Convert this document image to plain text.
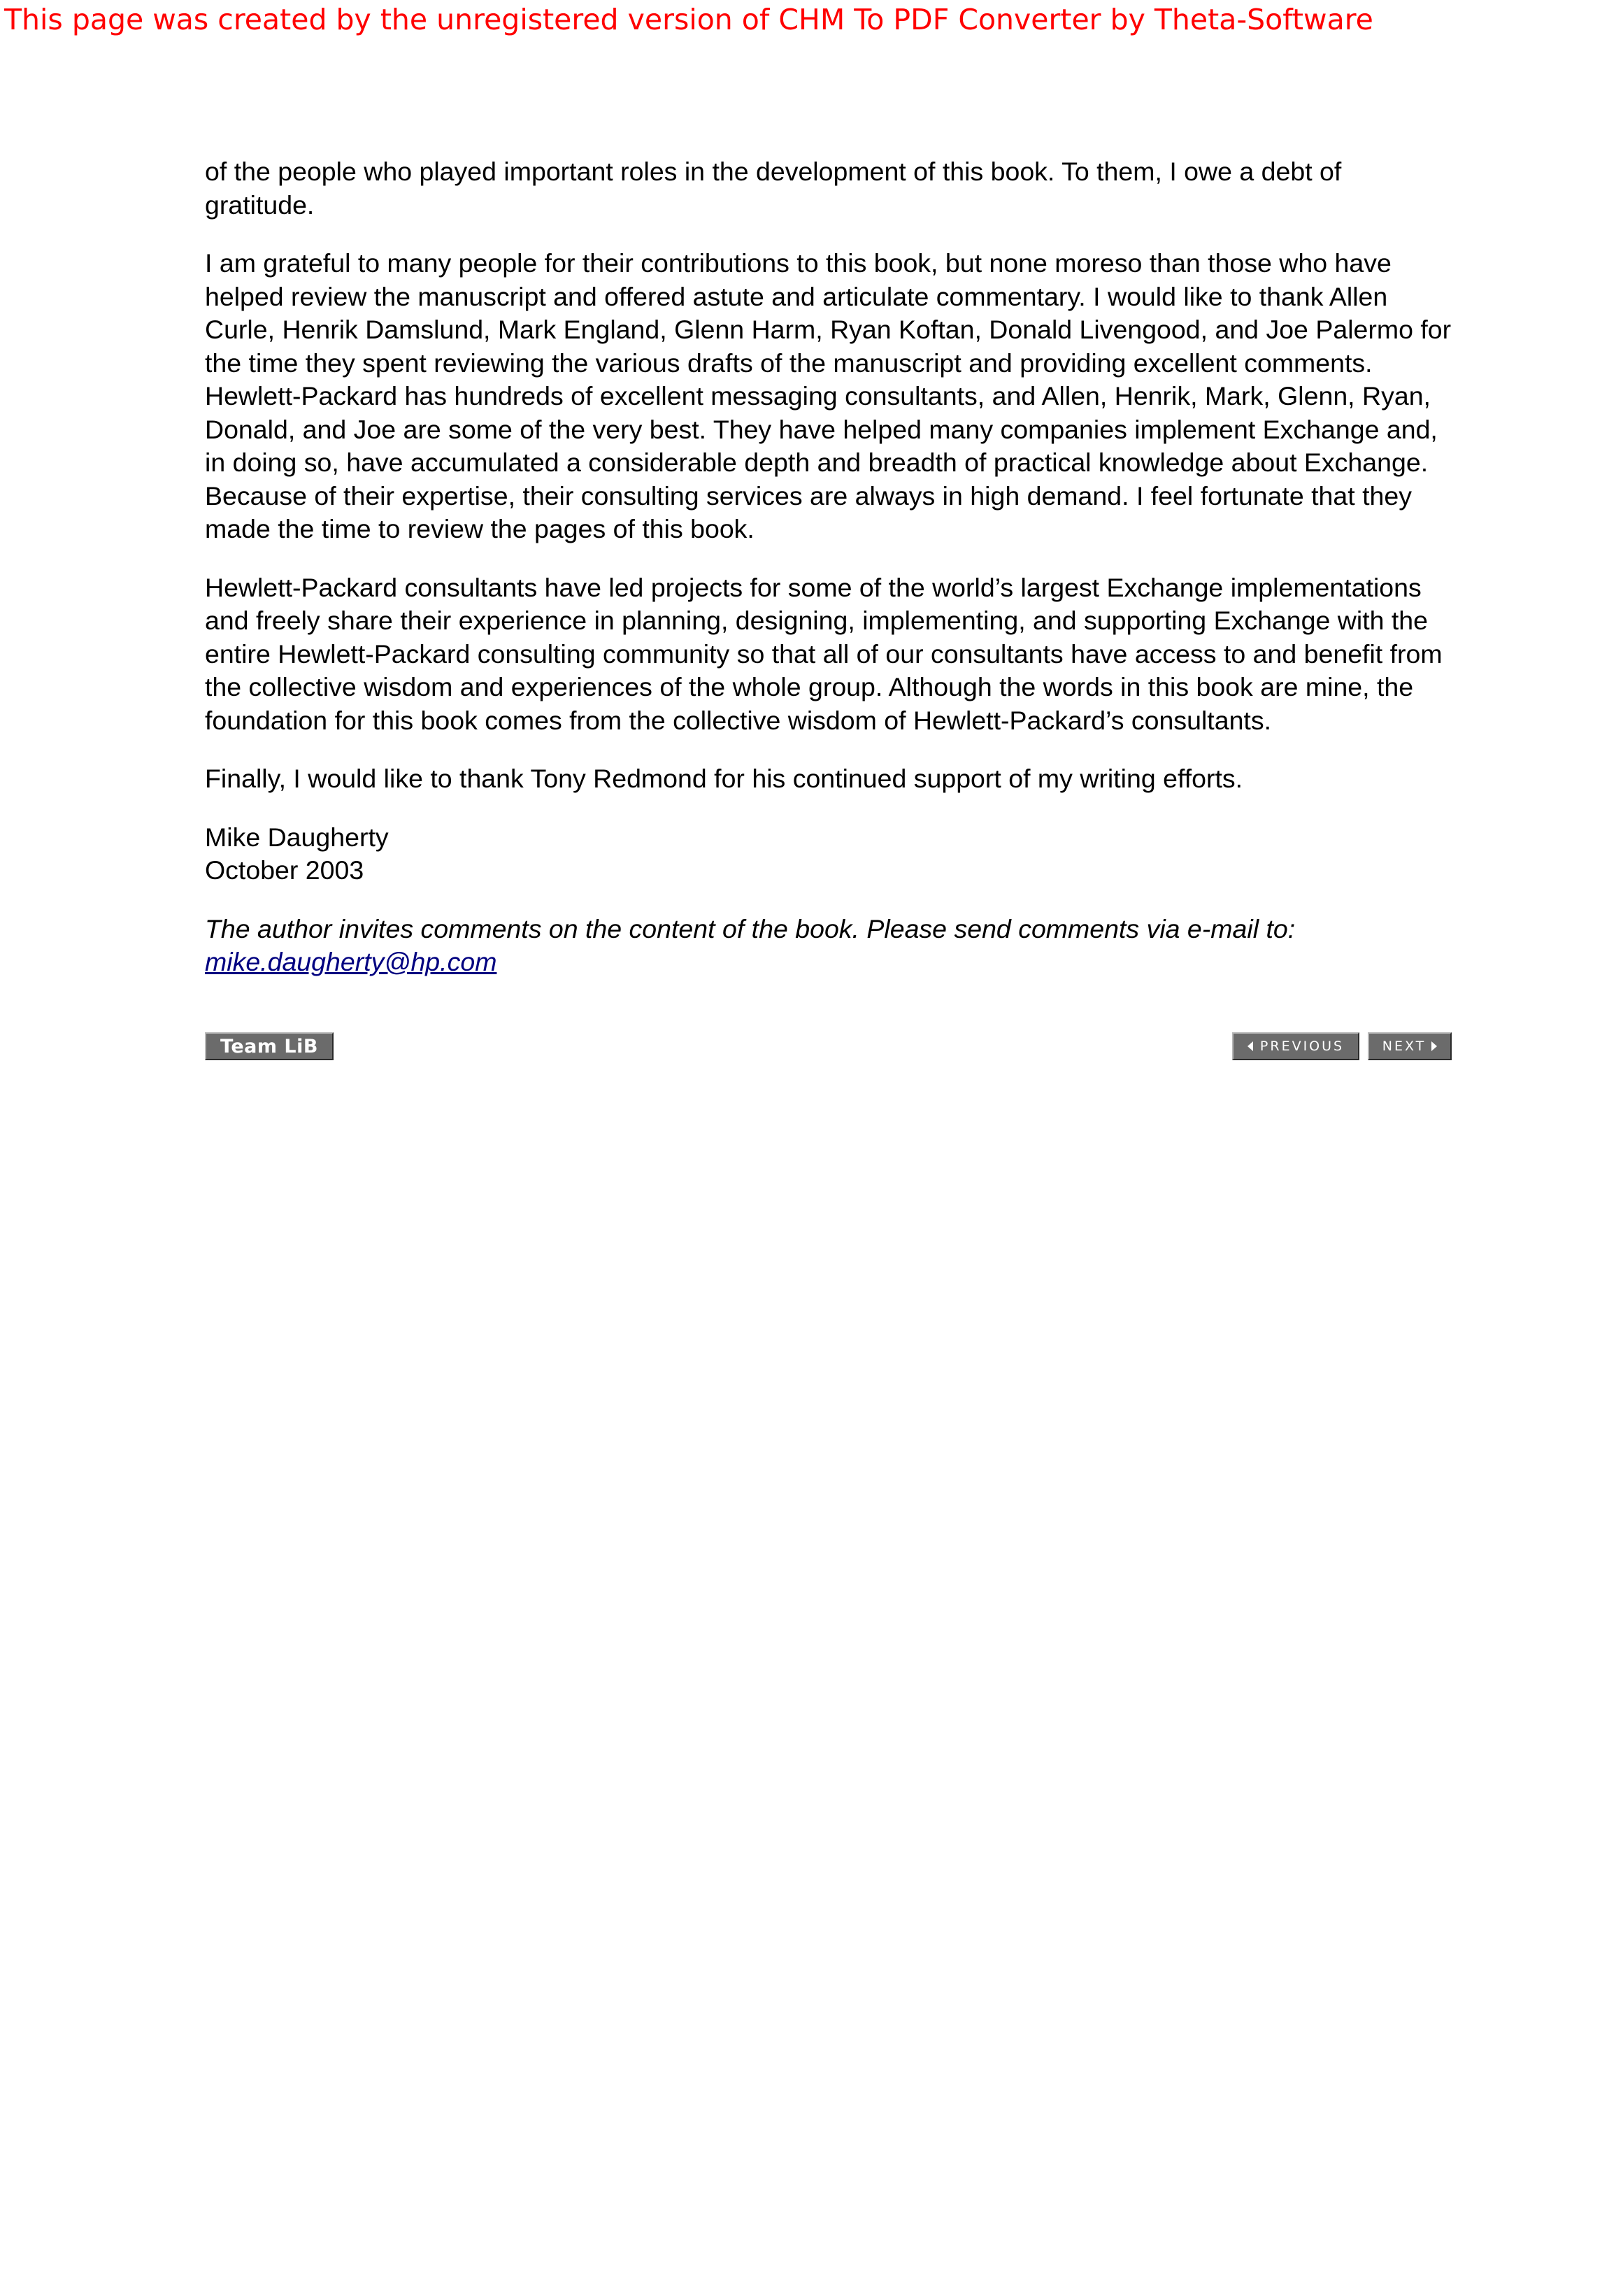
This page was created by the unregistered version of CHM To PDF Converter by Theta-Software

of the people who played important roles in the development of this book. To them, I owe a debt of gratitude.

I am grateful to many people for their contributions to this book, but none moreso than those who have helped review the manuscript and offered astute and articulate commentary. I would like to thank Allen Curle, Henrik Damslund, Mark England, Glenn Harm, Ryan Koftan, Donald Livengood, and Joe Palermo for the time they spent reviewing the various drafts of the manuscript and providing excellent comments. Hewlett-Packard has hundreds of excellent messaging consultants, and Allen, Henrik, Mark, Glenn, Ryan, Donald, and Joe are some of the very best. They have helped many companies implement Exchange and, in doing so, have accumulated a considerable depth and breadth of practical knowledge about Exchange. Because of their expertise, their consulting services are always in high demand. I feel fortunate that they made the time to review the pages of this book.

Hewlett-Packard consultants have led projects for some of the world’s largest Exchange implementations and freely share their experience in planning, designing, implementing, and supporting Exchange with the entire Hewlett-Packard consulting community so that all of our consultants have access to and benefit from the collective wisdom and experiences of the whole group. Although the words in this book are mine, the foundation for this book comes from the collective wisdom of Hewlett-Packard’s consultants.

Finally, I would like to thank Tony Redmond for his continued support of my writing efforts.

Mike Daugherty
October 2003

The author invites comments on the content of the book. Please send comments via e-mail to:
mike.daugherty@hp.com

Team LiB	PREVIOUS	NEXT
